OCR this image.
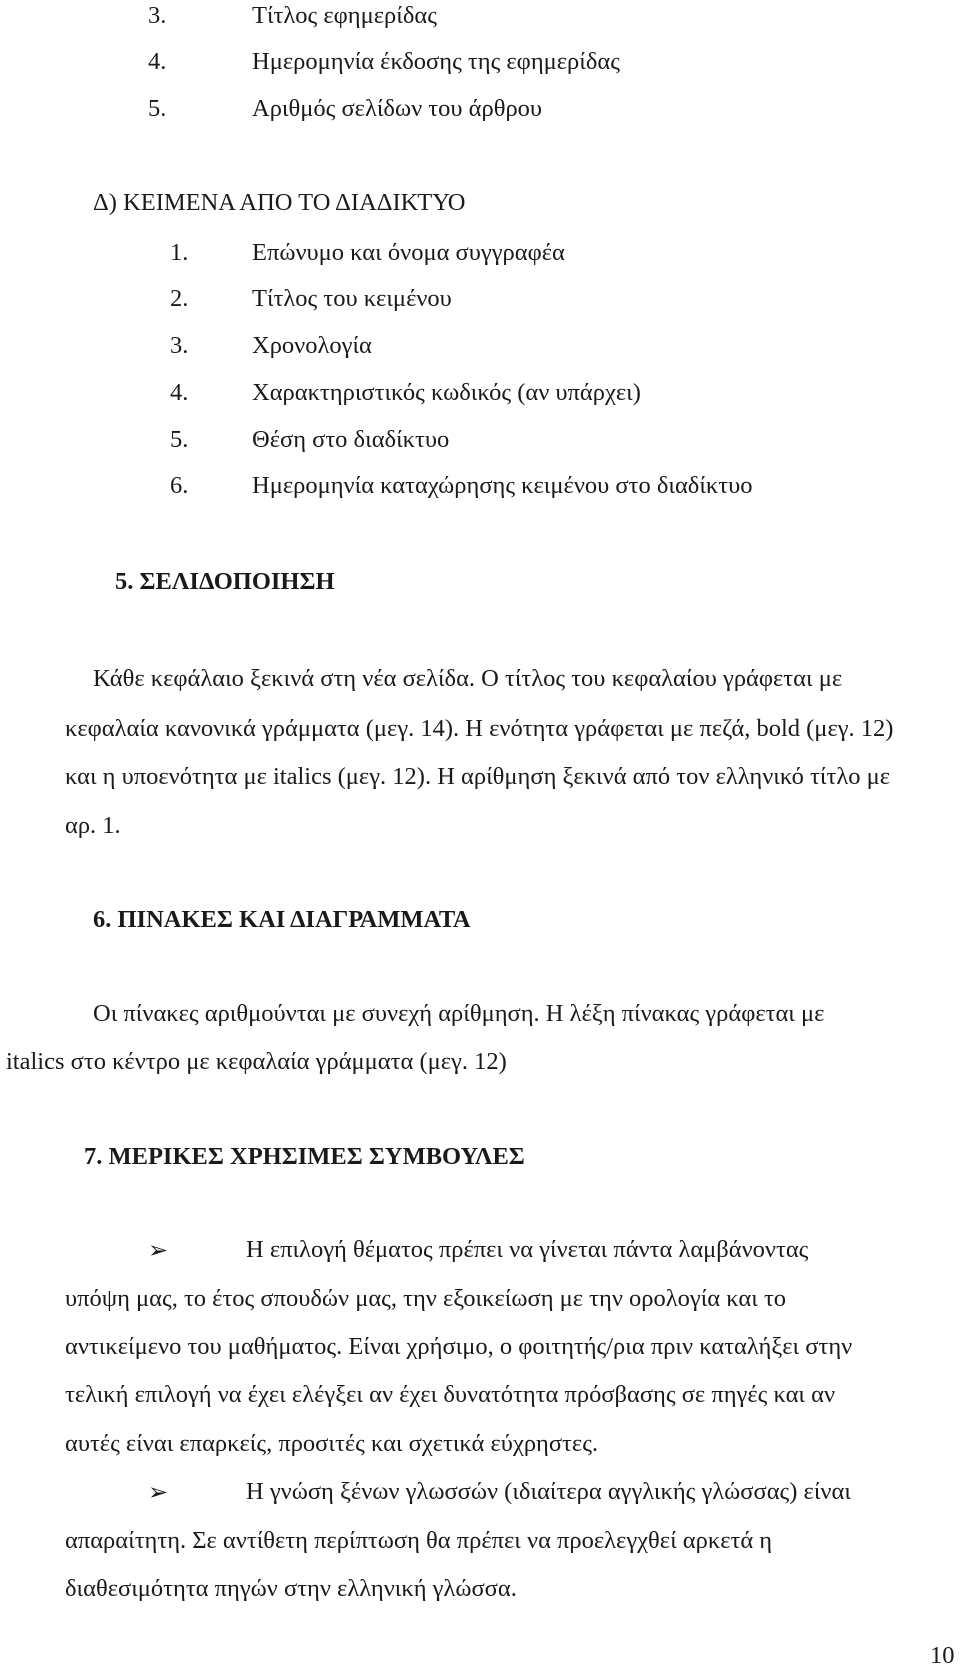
3.	Τίτλος εφημερίδας
4.	Ημερομηνία έκδοσης της εφημερίδας
5.	Αριθμός σελίδων του άρθρου
Δ) ΚΕΙΜΕΝΑ ΑΠΟ ΤΟ ΔΙΑΔΙΚΤΥΟ
1.	Επώνυμο και όνομα συγγραφέα
2.	Τίτλος του κειμένου
3.	Χρονολογία
4.	Χαρακτηριστικός κωδικός (αν υπάρχει)
5.	Θέση στο διαδίκτυο
6.	Ημερομηνία καταχώρησης κειμένου στο διαδίκτυο
5. ΣΕΛΙΔΟΠΟΙΗΣΗ
Κάθε κεφάλαιο ξεκινά στη νέα σελίδα. Ο τίτλος του κεφαλαίου γράφεται με
κεφαλαία κανονικά γράμματα (μεγ. 14). Η ενότητα γράφεται με πεζά, bold (μεγ. 12)
και η υποενότητα με italics (μεγ. 12). Η αρίθμηση ξεκινά από τον ελληνικό τίτλο με
αρ. 1.
6. ΠΙΝΑΚΕΣ ΚΑΙ ΔΙΑΓΡΑΜΜΑΤΑ
Οι πίνακες αριθμούνται με συνεχή αρίθμηση. Η λέξη πίνακας γράφεται με
italics στο κέντρο με κεφαλαία γράμματα (μεγ. 12)
7. ΜΕΡΙΚΕΣ ΧΡΗΣΙΜΕΣ ΣΥΜΒΟΥΛΕΣ
➢	Η επιλογή θέματος πρέπει να γίνεται πάντα λαμβάνοντας
υπόψη μας, το έτος σπουδών μας, την εξοικείωση με την ορολογία και το
αντικείμενο του μαθήματος. Είναι χρήσιμο, ο φοιτητής/ρια πριν καταλήξει στην
τελική επιλογή να έχει ελέγξει αν έχει δυνατότητα πρόσβασης σε πηγές και αν
αυτές είναι επαρκείς, προσιτές και σχετικά εύχρηστες.
➢	Η γνώση ξένων γλωσσών (ιδιαίτερα αγγλικής γλώσσας) είναι
απαραίτητη. Σε αντίθετη περίπτωση θα πρέπει να προελεγχθεί αρκετά η
διαθεσιμότητα πηγών στην ελληνική γλώσσα.
10
